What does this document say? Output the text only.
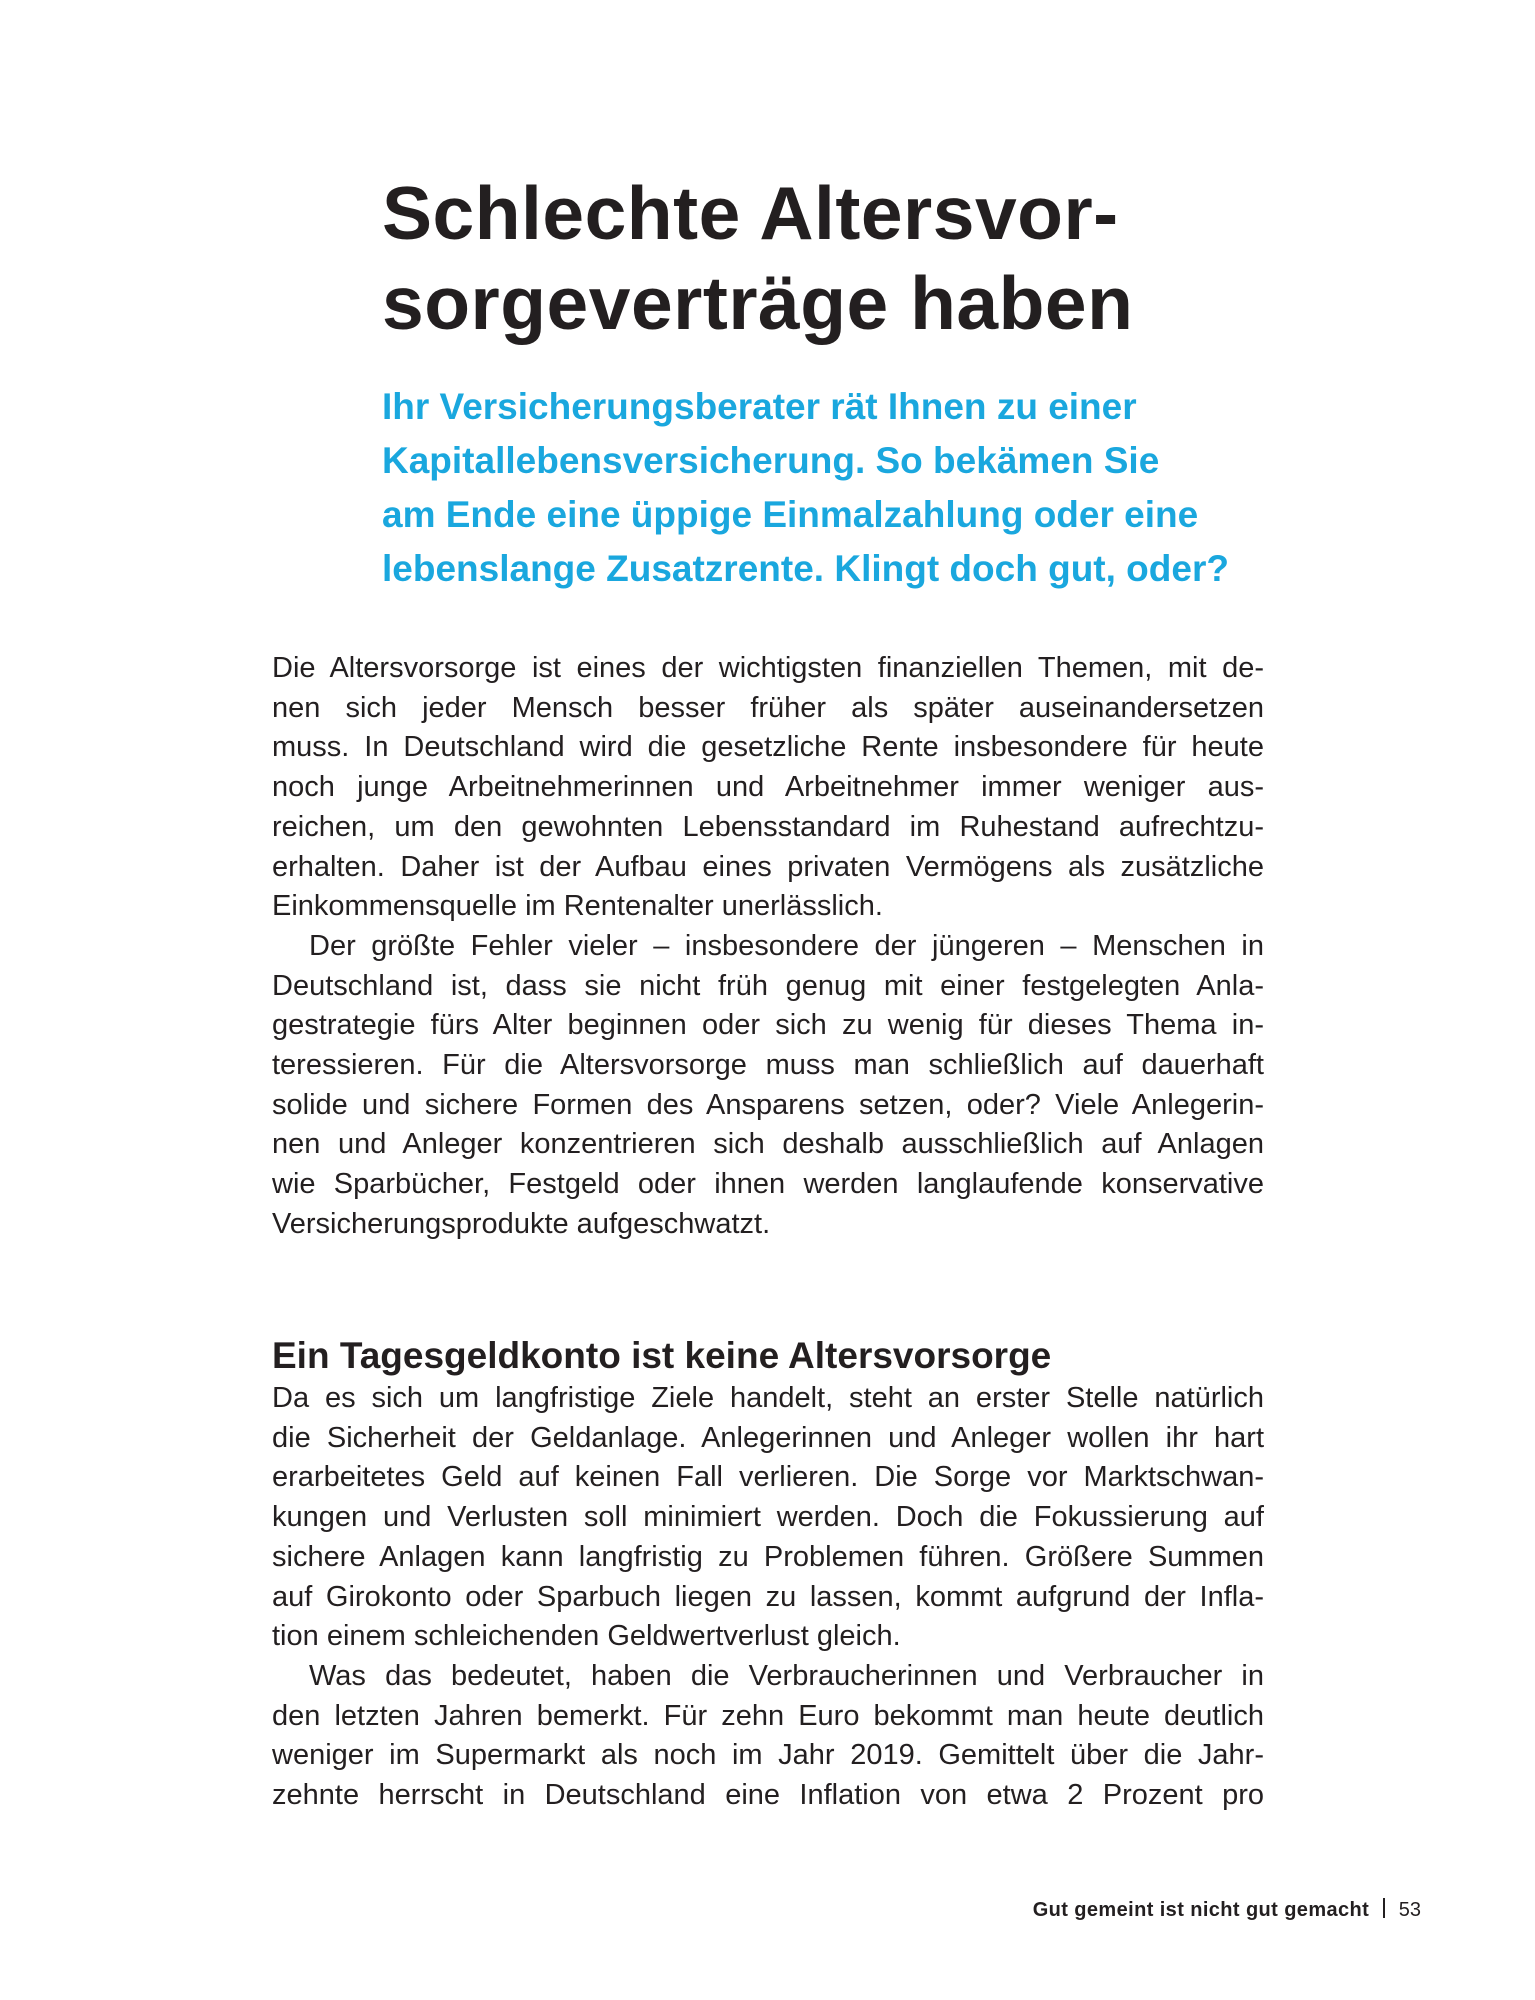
Schlechte Altersvor-
sorgeverträge haben
Ihr Versicherungsberater rät Ihnen zu einer
Kapitallebensversicherung. So bekämen Sie
am Ende eine üppige Einmalzahlung oder eine
lebenslange Zusatzrente. Klingt doch gut, oder?
Die Altersvorsorge ist eines der wichtigsten finanziellen Themen, mit de-
nen sich jeder Mensch besser früher als später auseinandersetzen
muss. In Deutschland wird die gesetzliche Rente insbesondere für heute
noch junge Arbeitnehmerinnen und Arbeitnehmer immer weniger aus-
reichen, um den gewohnten Lebensstandard im Ruhestand aufrechtzu-
erhalten. Daher ist der Aufbau eines privaten Vermögens als zusätzliche
Einkommensquelle im Rentenalter unerlässlich.
Der größte Fehler vieler – insbesondere der jüngeren – Menschen in
Deutschland ist, dass sie nicht früh genug mit einer festgelegten Anla-
gestrategie fürs Alter beginnen oder sich zu wenig für dieses Thema in-
teressieren. Für die Altersvorsorge muss man schließlich auf dauerhaft
solide und sichere Formen des Ansparens setzen, oder? Viele Anlegerin-
nen und Anleger konzentrieren sich deshalb ausschließlich auf Anlagen
wie Sparbücher, Festgeld oder ihnen werden langlaufende konservative
Versicherungsprodukte aufgeschwatzt.
Ein Tagesgeldkonto ist keine Altersvorsorge
Da es sich um langfristige Ziele handelt, steht an erster Stelle natürlich
die Sicherheit der Geldanlage. Anlegerinnen und Anleger wollen ihr hart
erarbeitetes Geld auf keinen Fall verlieren. Die Sorge vor Marktschwan-
kungen und Verlusten soll minimiert werden. Doch die Fokussierung auf
sichere Anlagen kann langfristig zu Problemen führen. Größere Summen
auf Girokonto oder Sparbuch liegen zu lassen, kommt aufgrund der Infla-
tion einem schleichenden Geldwertverlust gleich.
Was das bedeutet, haben die Verbraucherinnen und Verbraucher in
den letzten Jahren bemerkt. Für zehn Euro bekommt man heute deutlich
weniger im Supermarkt als noch im Jahr 2019. Gemittelt über die Jahr-
zehnte herrscht in Deutschland eine Inflation von etwa 2 Prozent pro
Gut gemeint ist nicht gut gemacht 53
